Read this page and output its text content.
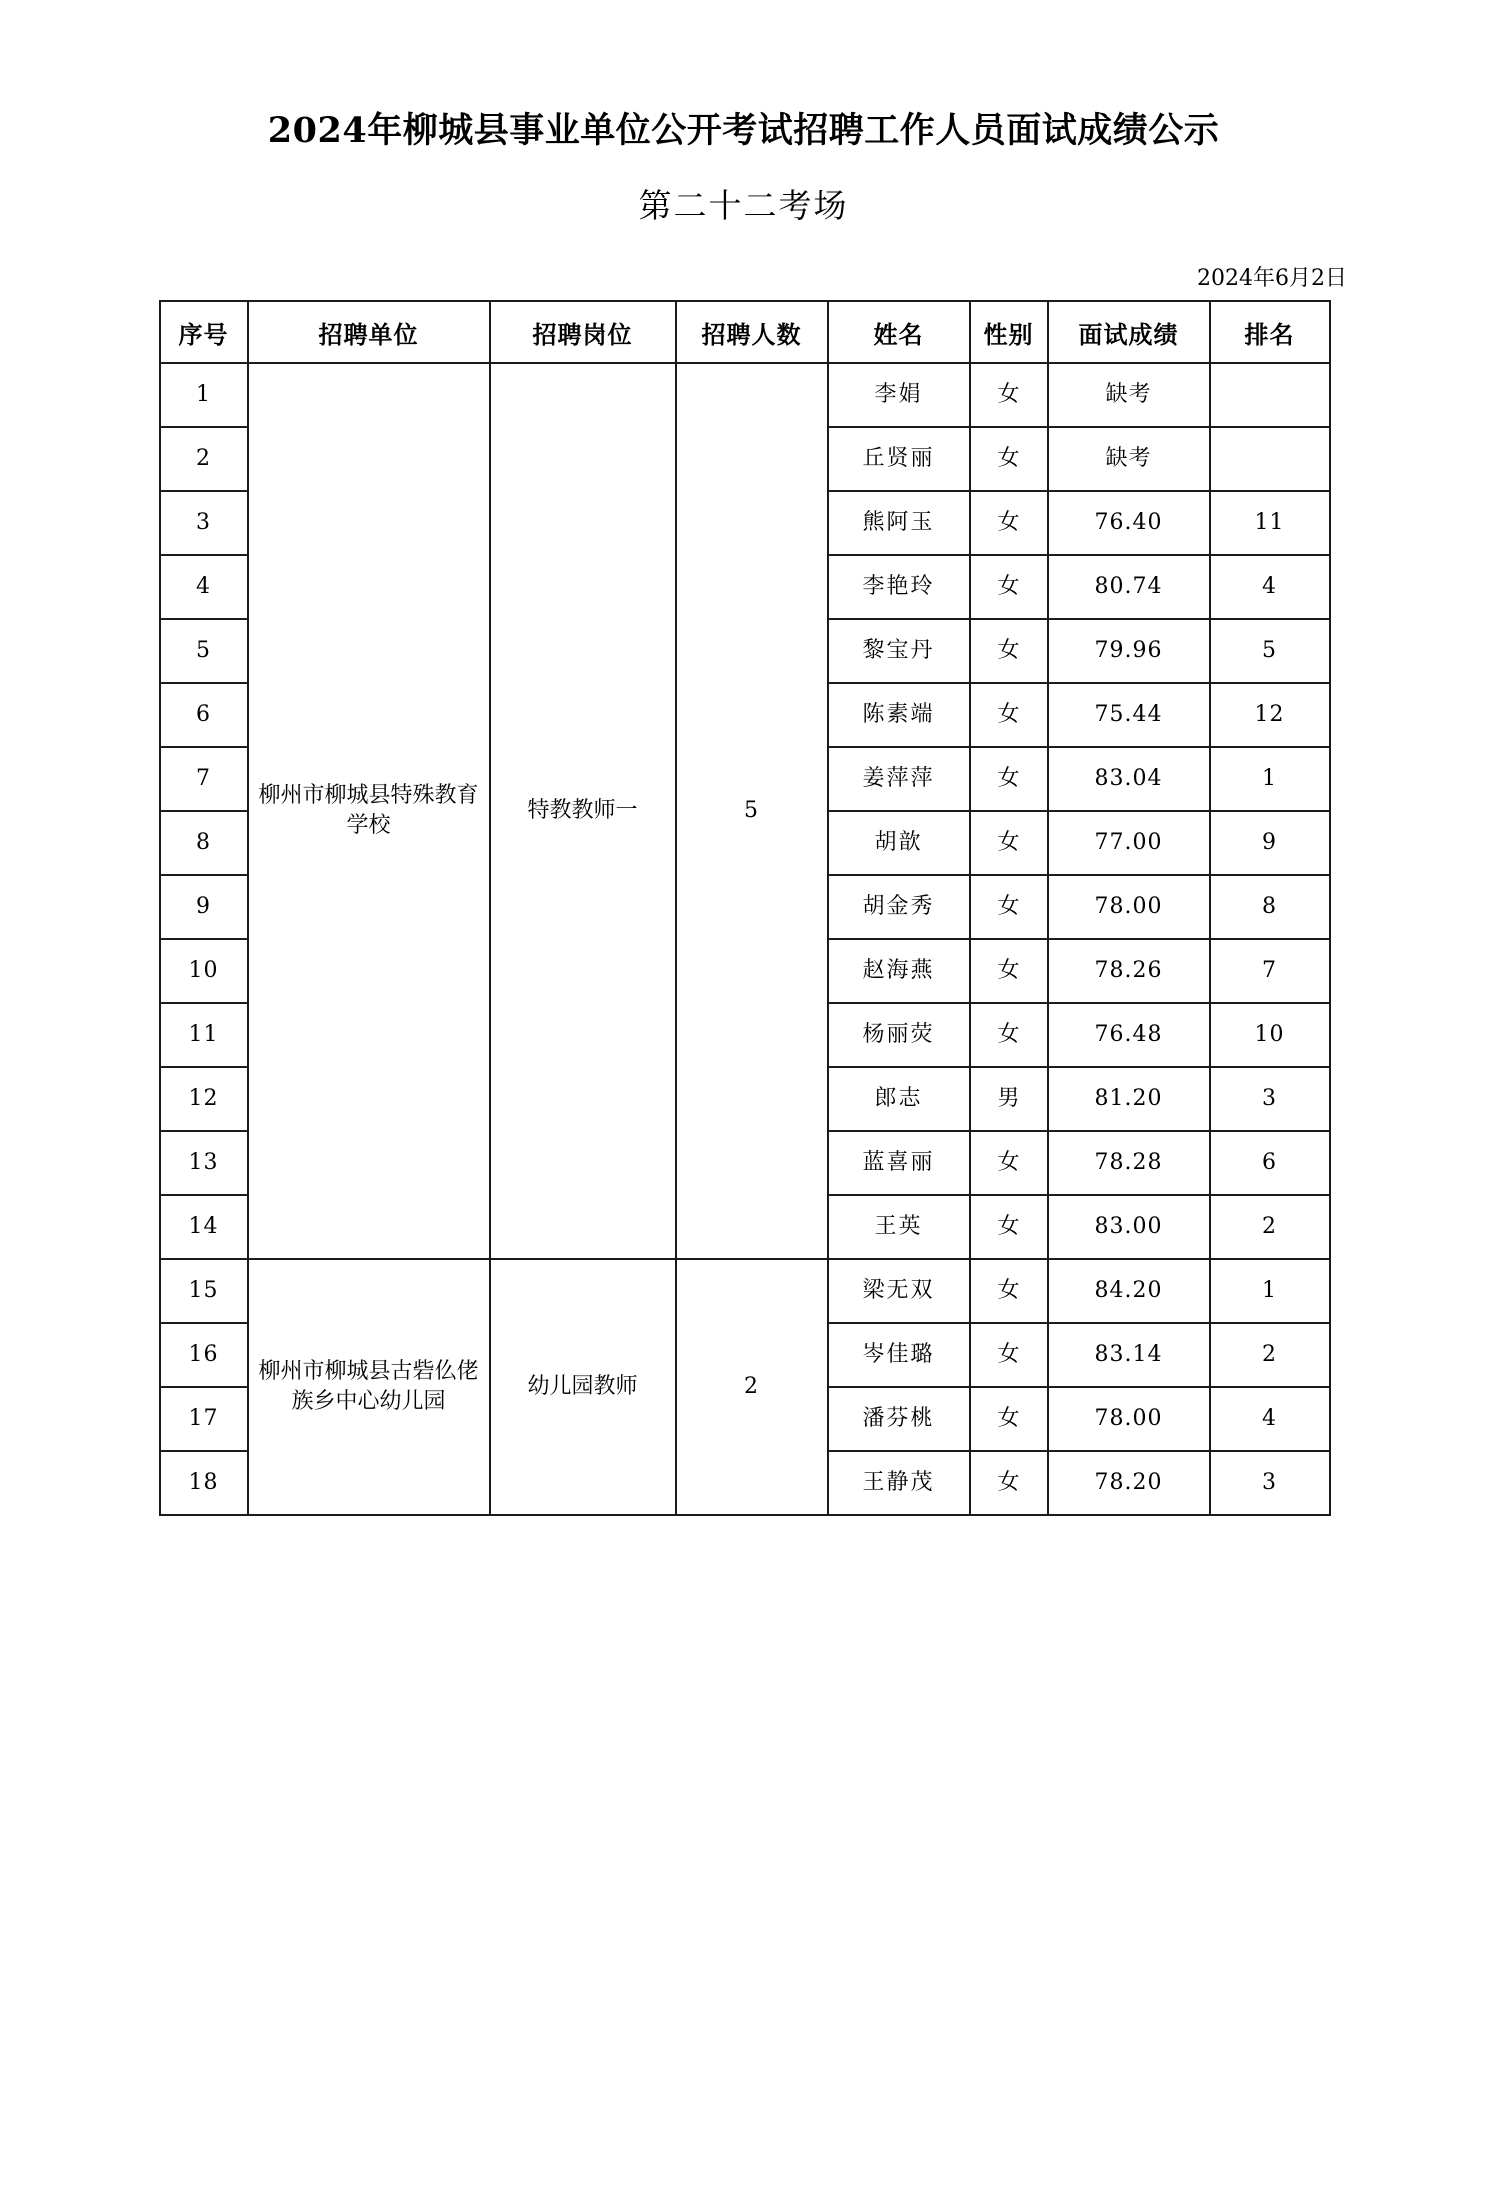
2024年柳城县事业单位公开考试招聘工作人员面试成绩公示
第二十二考场
2024年6月2日
序号	招聘单位	招聘岗位	招聘人数	姓名	性别	面试成绩	排名
1	柳州市柳城县特殊教育学校	特教教师一	5	李娟	女	缺考	
2				丘贤丽	女	缺考	
3				熊阿玉	女	76.40	11
4				李艳玲	女	80.74	4
5				黎宝丹	女	79.96	5
6				陈素端	女	75.44	12
7				姜萍萍	女	83.04	1
8				胡歆	女	77.00	9
9				胡金秀	女	78.00	8
10				赵海燕	女	78.26	7
11				杨丽荧	女	76.48	10
12				郎志	男	81.20	3
13				蓝喜丽	女	78.28	6
14				王英	女	83.00	2
15	柳州市柳城县古砦仫佬族乡中心幼儿园	幼儿园教师	2	梁无双	女	84.20	1
16				岑佳璐	女	83.14	2
17				潘芬桃	女	78.00	4
18				王静茂	女	78.20	3
